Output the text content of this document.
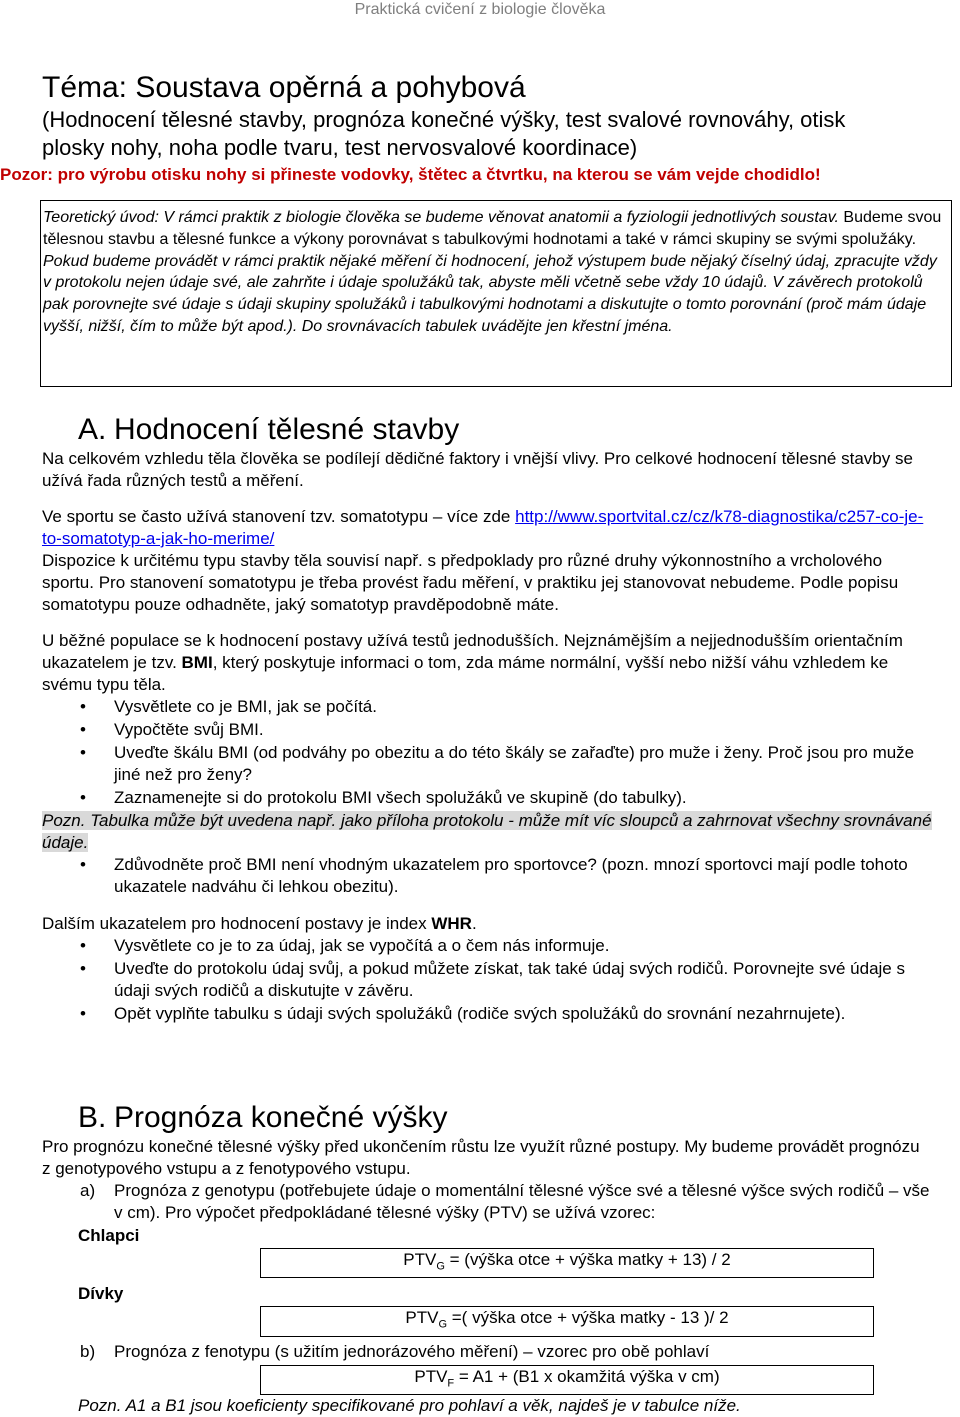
Praktická cvičení z biologie člověka
Téma: Soustava opěrná a pohybová

(Hodnocení tělesné stavby, prognóza konečné výšky, test svalové rovnováhy, otisk

plosky nohy, noha podle tvaru, test nervosvalové koordinace)

Pozor: pro výrobu otisku nohy si přineste vodovky, štětec a čtvrtku, na kterou se vám vejde chodidlo!
Teoretický úvod: V rámci praktik z biologie člověka se budeme věnovat anatomii a fyziologii jednotlivých soustav. Budeme svou tělesnou stavbu a tělesné funkce a výkony porovnávat s tabulkovými hodnotami a také v rámci skupiny se svými spolužáky. Pokud budeme provádět v rámci praktik nějaké měření či hodnocení, jehož výstupem bude nějaký číselný údaj, zpracujte vždy v protokolu nejen údaje své, ale zahrňte i údaje spolužáků tak, abyste měli včetně sebe vždy 10 údajů. V závěrech protokolů pak porovnejte své údaje s údaji skupiny spolužáků i tabulkovými hodnotami a diskutujte o tomto porovnání (proč mám údaje vyšší, nižší, čím to může být apod.). Do srovnávacích tabulek uvádějte jen křestní jména.
A. Hodnocení tělesné stavby

Na celkovém vzhledu těla člověka se podílejí dědičné faktory i vnější vlivy. Pro celkové hodnocení tělesné stavby se užívá řada různých testů a měření.

Ve sportu se často užívá stanovení tzv. somatotypu – více zde http://www.sportvital.cz/cz/k78-diagnostika/c257-co-je-to-somatotyp-a-jak-ho-merime/

Dispozice k určitému typu stavby těla souvisí např. s předpoklady pro různé druhy výkonnostního a vrcholového sportu. Pro stanovení somatotypu je třeba provést řadu měření, v praktiku jej stanovovat nebudeme. Podle popisu somatotypu pouze odhadněte, jaký somatotyp pravděpodobně máte.

U běžné populace se k hodnocení postavy užívá testů jednodušších. Nejznámějším a nejjednodušším orientačním ukazatelem je tzv. BMI, který poskytuje informaci o tom, zda máme normální, vyšší nebo nižší váhu vzhledem ke svému typu těla.

• Vysvětlete co je BMI, jak se počítá.
• Vypočtěte svůj BMI.
• Uveďte škálu BMI (od podváhy po obezitu a do této škály se zařaďte) pro muže i ženy. Proč jsou pro muže jiné než pro ženy?
• Zaznamenejte si do protokolu BMI všech spolužáků ve skupině (do tabulky).

Pozn. Tabulka může být uvedena např. jako příloha protokolu - může mít víc sloupců a zahrnovat všechny srovnávané údaje.

• Zdůvodněte proč BMI není vhodným ukazatelem pro sportovce? (pozn. mnozí sportovci mají podle tohoto ukazatele nadváhu či lehkou obezitu).

Dalším ukazatelem pro hodnocení postavy je index WHR.

• Vysvětlete co je to za údaj, jak se vypočítá a o čem nás informuje.
• Uveďte do protokolu údaj svůj, a pokud můžete získat, tak také údaj svých rodičů. Porovnejte své údaje s údaji svých rodičů a diskutujte v závěru.
• Opět vyplňte tabulku s údaji svých spolužáků (rodiče svých spolužáků do srovnání nezahrnujete).
B. Prognóza konečné výšky

Pro prognózu konečné tělesné výšky před ukončením růstu lze využít různé postupy. My budeme provádět prognózu z genotypového vstupu a z fenotypového vstupu.

a) Prognóza z genotypu (potřebujete údaje o momentální tělesné výšce své a tělesné výšce svých rodičů – vše v cm). Pro výpočet předpokládané tělesné výšky (PTV) se užívá vzorec:
Chlapci
$PTV_G$ = (výška otce + výška matky + 13) / 2
Dívky
$PTV_G$ =( výška otce + výška matky - 13 )/ 2
b) Prognóza z fenotypu (s užitím jednorázového měření) – vzorec pro obě pohlaví
$PTV_F = A1 + (B1$ x okamžitá výška v cm)

Pozn. A1 a B1 jsou koeficienty specifikované pro pohlaví a věk, najdeš je v tabulce níže.
